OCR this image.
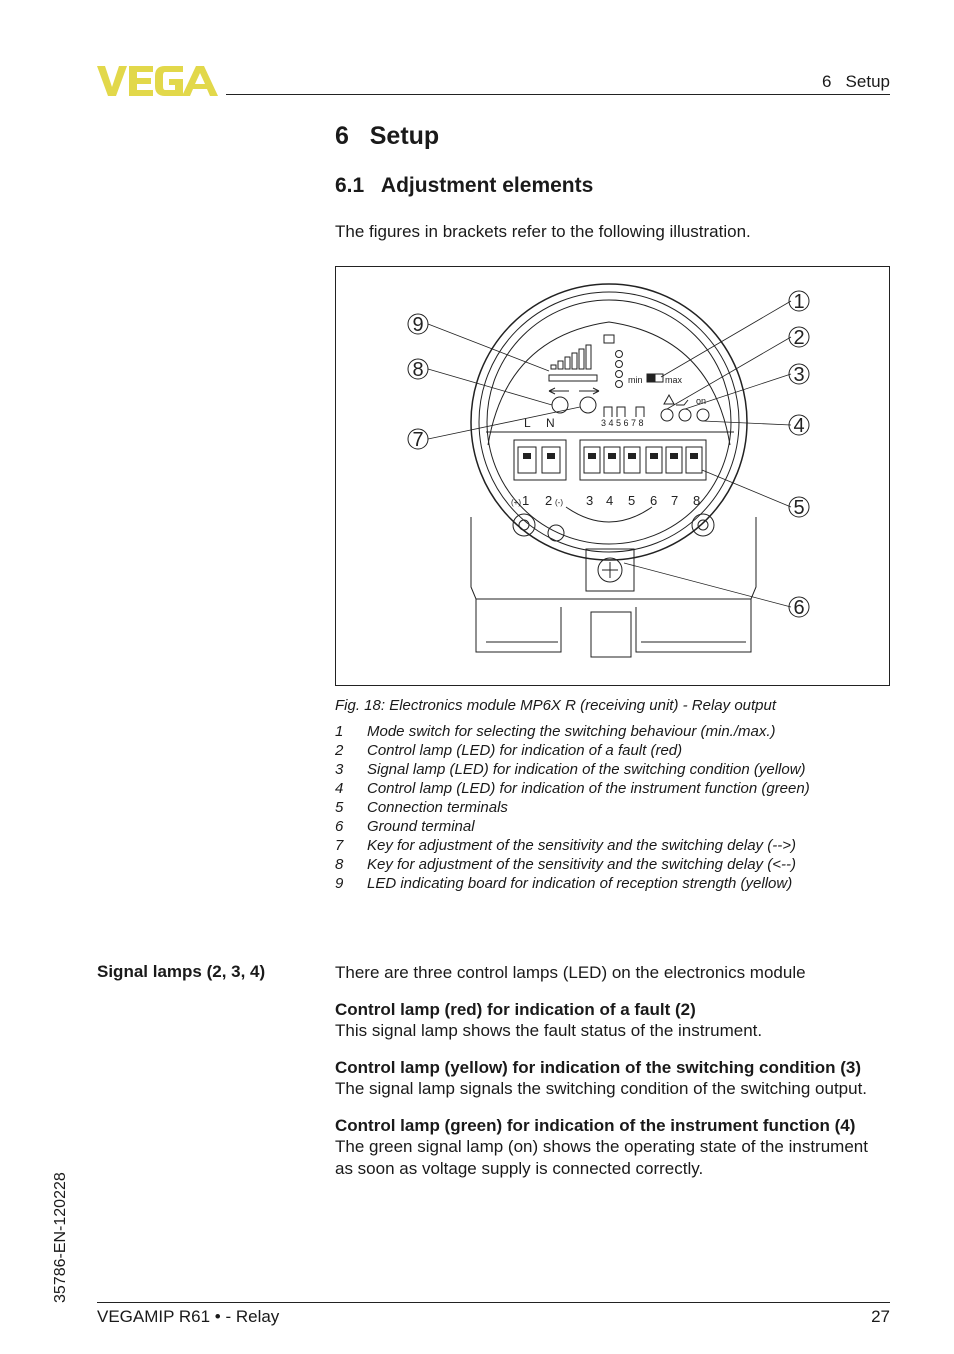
6   Setup
6   Setup
6.1   Adjustment elements
The figures in brackets refer to the following illustration.
min max
on
3 4 5 6 7 8
L N
(+) 1 2 (-) 3 4 5 6 7 8
1
2
3
4
5
6
7
8
9
Fig. 18: Electronics module MP6X R (receiving unit) - Relay output
1 Mode switch for selecting the switching behaviour (min./max.)
2 Control lamp (LED) for indication of a fault (red)
3 Signal lamp (LED) for indication of the switching condition (yellow)
4 Control lamp (LED) for indication of the instrument function (green)
5 Connection terminals
6 Ground terminal
7 Key for adjustment of the sensitivity and the switching delay (-->)
8 Key for adjustment of the sensitivity and the switching delay (<--)
9 LED indicating board for indication of reception strength (yellow)
Signal lamps (2, 3, 4)	There are three control lamps (LED) on the electronics module

Control lamp (red) for indication of a fault (2)

This signal lamp shows the fault status of the instrument.

Control lamp (yellow) for indication of the switching condition (3)

The signal lamp signals the switching condition of the switching output.

Control lamp (green) for indication of the instrument function (4)

The green signal lamp (on) shows the operating state of the instrument as soon as voltage supply is connected correctly.

VEGAMIP R61 • - Relay	27
35786-EN-120228
